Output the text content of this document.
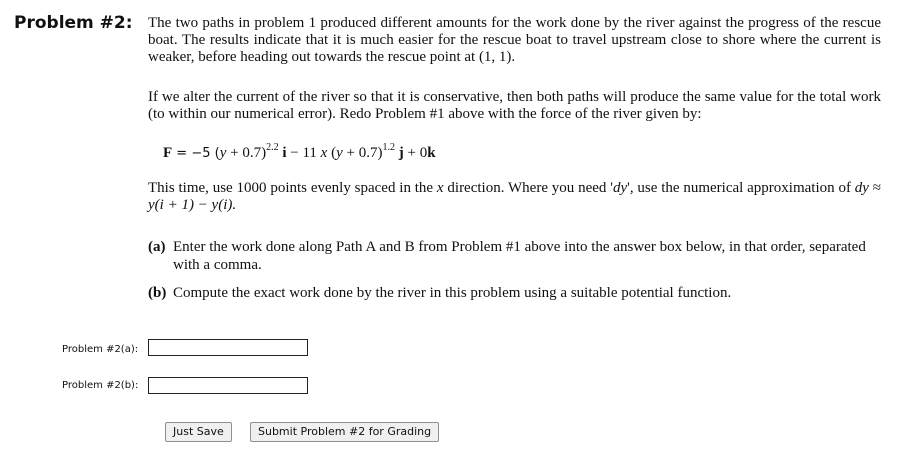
Problem #2: The two paths in problem 1 produced different amounts for the work done by the river against the progress of the rescue boat. The results indicate that it is much easier for the rescue boat to travel upstream close to shore where the current is weaker, before heading out towards the rescue point at (1, 1).
If we alter the current of the river so that it is conservative, then both paths will produce the same value for the total work (to within our numerical error). Redo Problem #1 above with the force of the river given by:
F = −5 $(y + 0.7)^{2.2}$ i − 11 x $(y + 0.7)^{1.2}$ j + 0k
This time, use 1000 points evenly spaced in the x direction. Where you need 'dy', use the numerical approximation of dy ≈ y(i + 1) − y(i).
(a) Enter the work done along Path A and B from Problem #1 above into the answer box below, in that order, separated with a comma.
(b) Compute the exact work done by the river in this problem using a suitable potential function.
Problem #2(a):
Problem #2(b):
Just Save	Submit Problem #2 for Grading
